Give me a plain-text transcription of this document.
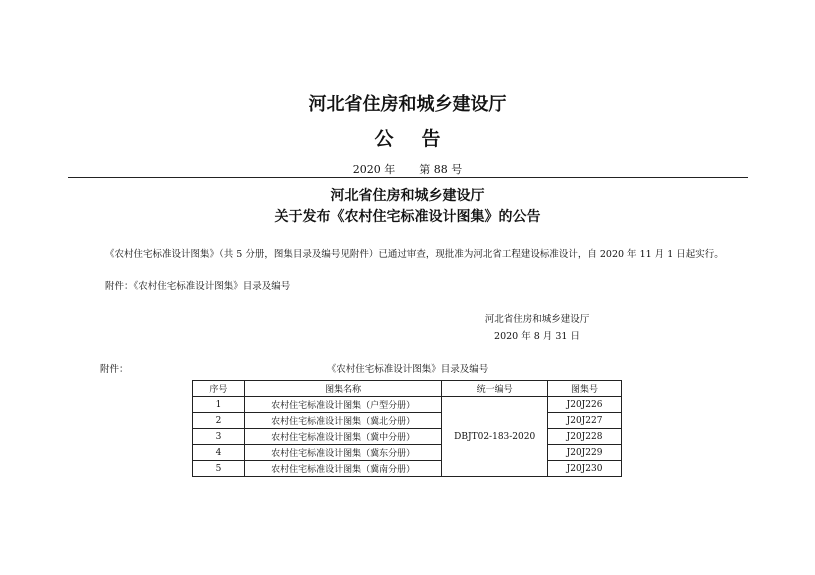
河北省住房和城乡建设厅
公告
2020 年 第 88 号
河北省住房和城乡建设厅
关于发布《农村住宅标准设计图集》的公告
《农村住宅标准设计图集》（共 5 分册，图集目录及编号见附件）已通过审查，现批准为河北省工程建设标准设计，自 2020 年 11 月 1 日起实行。
附件：《农村住宅标准设计图集》目录及编号
河北省住房和城乡建设厅
2020 年 8 月 31 日
附件：	《农村住宅标准设计图集》目录及编号
序号	图集名称	统一编号	图集号
1	农村住宅标准设计图集（户型分册）	DBJT02-183-2020	J20J226
2	农村住宅标准设计图集（冀北分册）		J20J227
3	农村住宅标准设计图集（冀中分册）		J20J228
4	农村住宅标准设计图集（冀东分册）		J20J229
5	农村住宅标准设计图集（冀南分册）		J20J230
